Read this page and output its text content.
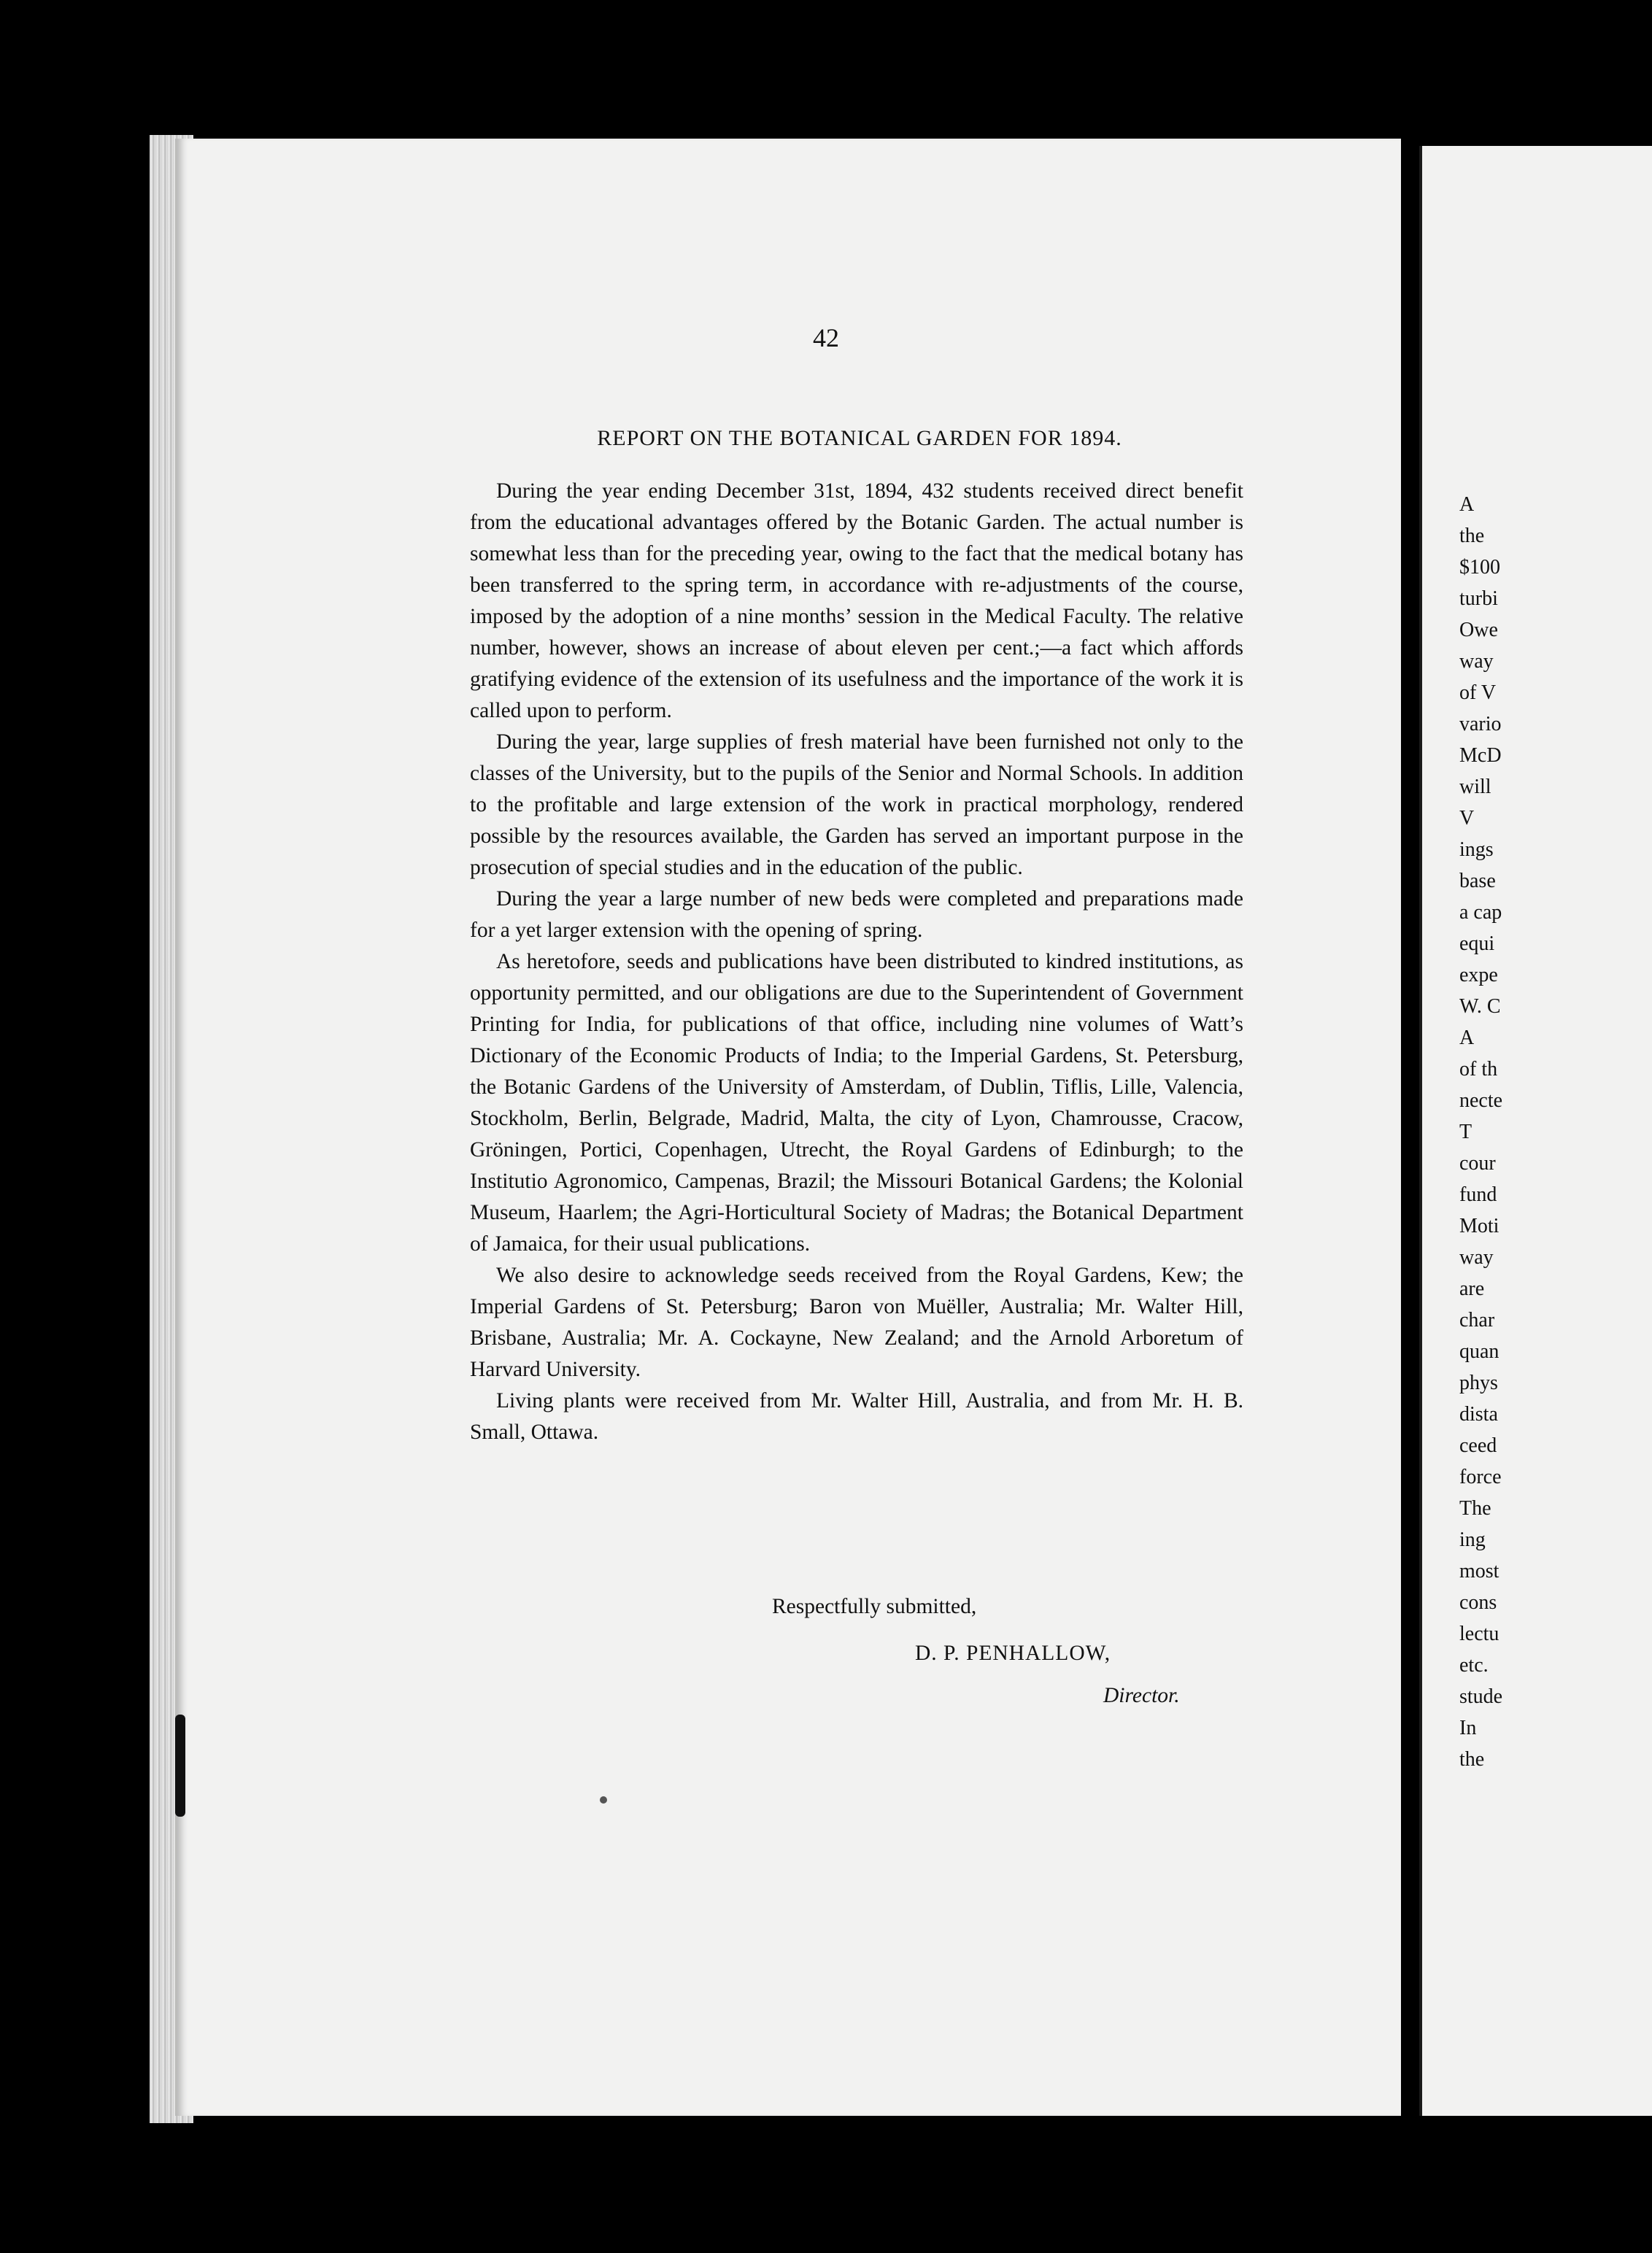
42
REPORT ON THE BOTANICAL GARDEN FOR 1894.

During the year ending December 31st, 1894, 432 students received direct benefit from the educational advantages offered by the Botanic Garden. The actual number is somewhat less than for the preceding year, owing to the fact that the medical botany has been transferred to the spring term, in accordance with re-adjustments of the course, imposed by the adoption of a nine months’ session in the Medical Faculty. The relative number, however, shows an increase of about eleven per cent.;—a fact which affords gratifying evidence of the extension of its usefulness and the importance of the work it is called upon to perform.

During the year, large supplies of fresh material have been furnished not only to the classes of the University, but to the pupils of the Senior and Normal Schools. In addition to the profitable and large extension of the work in practical morphology, rendered possible by the resources available, the Garden has served an important purpose in the prosecution of special studies and in the education of the public.

During the year a large number of new beds were completed and preparations made for a yet larger extension with the opening of spring.

As heretofore, seeds and publications have been distributed to kindred institutions, as opportunity permitted, and our obligations are due to the Superintendent of Government Printing for India, for publications of that office, including nine volumes of Watt’s Dictionary of the Economic Products of India; to the Imperial Gardens, St. Petersburg, the Botanic Gardens of the University of Amsterdam, of Dublin, Tiflis, Lille, Valencia, Stockholm, Berlin, Belgrade, Madrid, Malta, the city of Lyon, Chamrousse, Cracow, Gröningen, Portici, Copenhagen, Utrecht, the Royal Gardens of Edinburgh; to the Institutio Agronomico, Campenas, Brazil; the Missouri Botanical Gardens; the Kolonial Museum, Haarlem; the Agri-Horticultural Society of Madras; the Botanical Department of Jamaica, for their usual publications.

We also desire to acknowledge seeds received from the Royal Gardens, Kew; the Imperial Gardens of St. Petersburg; Baron von Muëller, Australia; Mr. Walter Hill, Brisbane, Australia; Mr. A. Cockayne, New Zealand; and the Arnold Arboretum of Harvard University.

Living plants were received from Mr. Walter Hill, Australia, and from Mr. H. B. Small, Ottawa.

Respectfully submitted,
D. P. PENHALLOW,
Director.
A
the
$100
turbi
Owe
way
of V
vario
McD
will
V
ings
base
a cap
equi
expe
W. C
A
of th
necte
T
cour
fund
Moti
way
are
char
quan
phys
dista
ceed
force
The
ing
most
cons
lectu
etc.
stude
In
the
